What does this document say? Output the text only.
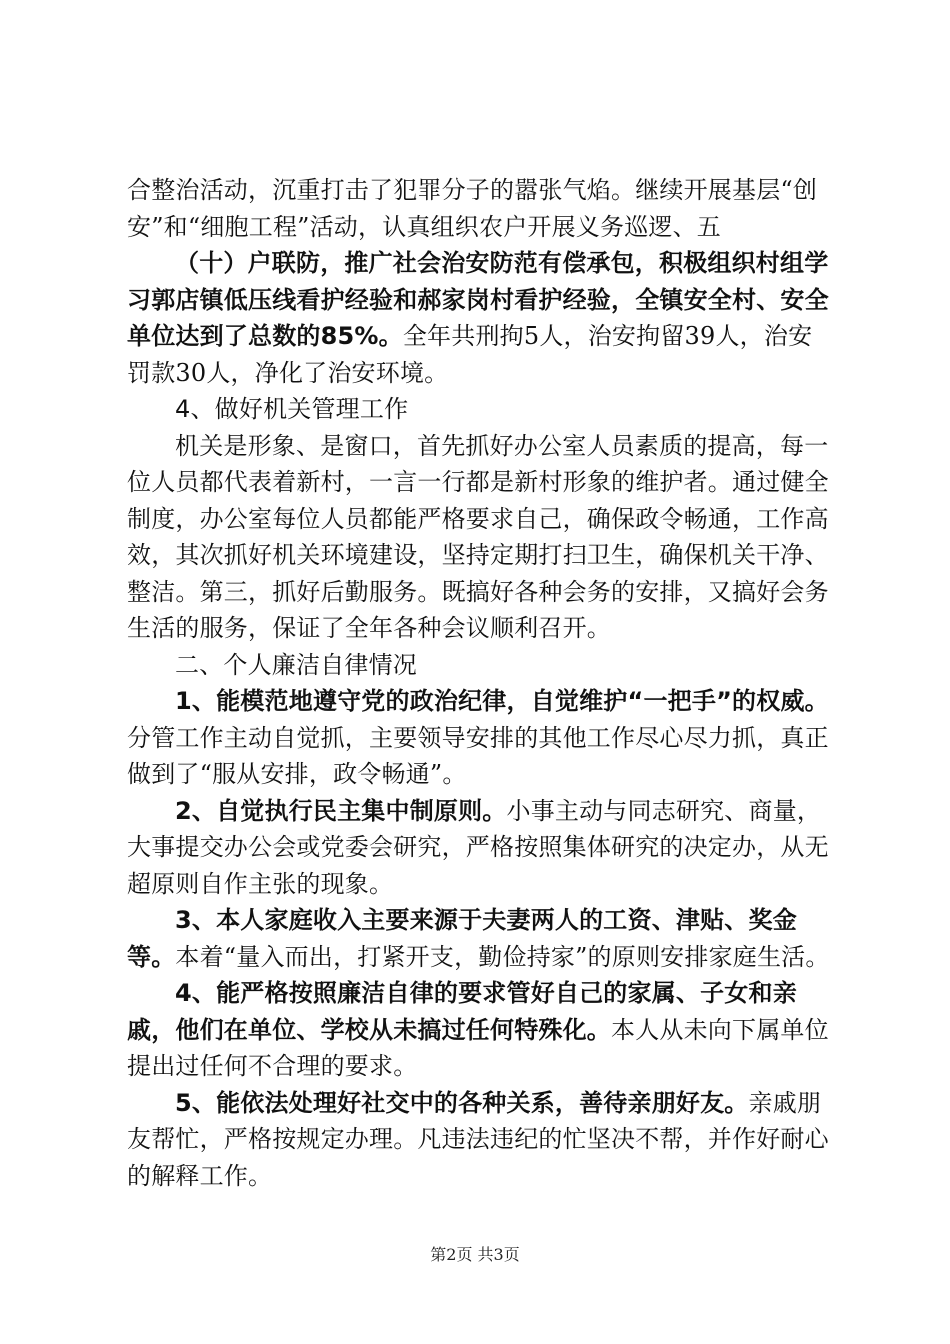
合整治活动，沉重打击了犯罪分子的嚣张气焰。继续开展基层“创安”和“细胞工程”活动，认真组织农户开展义务巡逻、五

（十）户联防，推广社会治安防范有偿承包，积极组织村组学习郭店镇低压线看护经验和郝家岗村看护经验，全镇安全村、安全单位达到了总数的85%。全年共刑拘5人，治安拘留39人，治安罚款30人，净化了治安环境。

4、做好机关管理工作

机关是形象、是窗口，首先抓好办公室人员素质的提高，每一位人员都代表着新村，一言一行都是新村形象的维护者。通过健全制度，办公室每位人员都能严格要求自己，确保政令畅通，工作高效，其次抓好机关环境建设，坚持定期打扫卫生，确保机关干净、整洁。第三，抓好后勤服务。既搞好各种会务的安排，又搞好会务生活的服务，保证了全年各种会议顺利召开。

二、个人廉洁自律情况

1、能模范地遵守党的政治纪律，自觉维护“一把手”的权威。分管工作主动自觉抓，主要领导安排的其他工作尽心尽力抓，真正做到了“服从安排，政令畅通”。

2、自觉执行民主集中制原则。小事主动与同志研究、商量，大事提交办公会或党委会研究，严格按照集体研究的决定办，从无超原则自作主张的现象。

3、本人家庭收入主要来源于夫妻两人的工资、津贴、奖金等。本着“量入而出，打紧开支，勤俭持家”的原则安排家庭生活。

4、能严格按照廉洁自律的要求管好自己的家属、子女和亲戚，他们在单位、学校从未搞过任何特殊化。本人从未向下属单位提出过任何不合理的要求。

5、能依法处理好社交中的各种关系，善待亲朋好友。亲戚朋友帮忙，严格按规定办理。凡违法违纪的忙坚决不帮，并作好耐心的解释工作。

第2页 共3页
